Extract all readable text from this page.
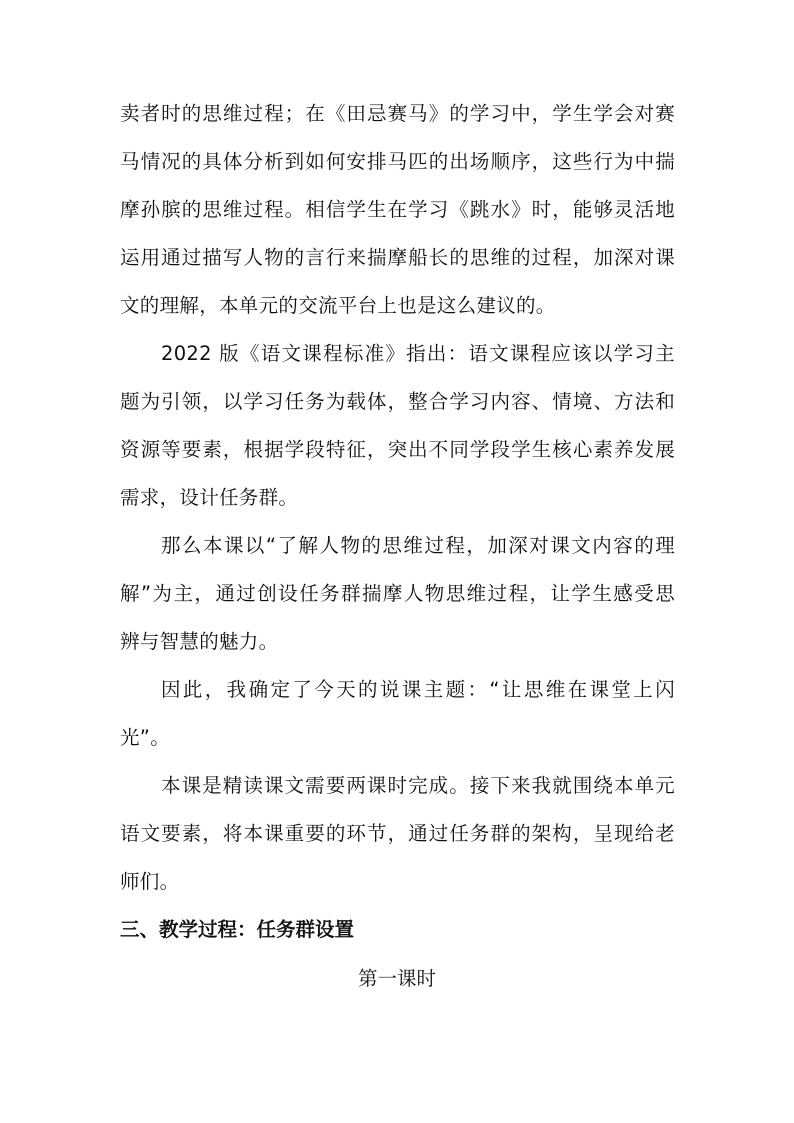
卖者时的思维过程；在《田忌赛马》的学习中，学生学会对赛
马情况的具体分析到如何安排马匹的出场顺序，这些行为中揣
摩孙膑的思维过程。相信学生在学习《跳水》时，能够灵活地
运用通过描写人物的言行来揣摩船长的思维的过程，加深对课
文的理解，本单元的交流平台上也是这么建议的。
2022 版《语文课程标准》指出：语文课程应该以学习主
题为引领，以学习任务为载体，整合学习内容、情境、方法和
资源等要素，根据学段特征，突出不同学段学生核心素养发展
需求，设计任务群。
那么本课以“了解人物的思维过程，加深对课文内容的理
解”为主，通过创设任务群揣摩人物思维过程，让学生感受思
辨与智慧的魅力。
因此，我确定了今天的说课主题：“让思维在课堂上闪
光”。
本课是精读课文需要两课时完成。接下来我就围绕本单元
语文要素，将本课重要的环节，通过任务群的架构，呈现给老
师们。
三、教学过程：任务群设置
第一课时
